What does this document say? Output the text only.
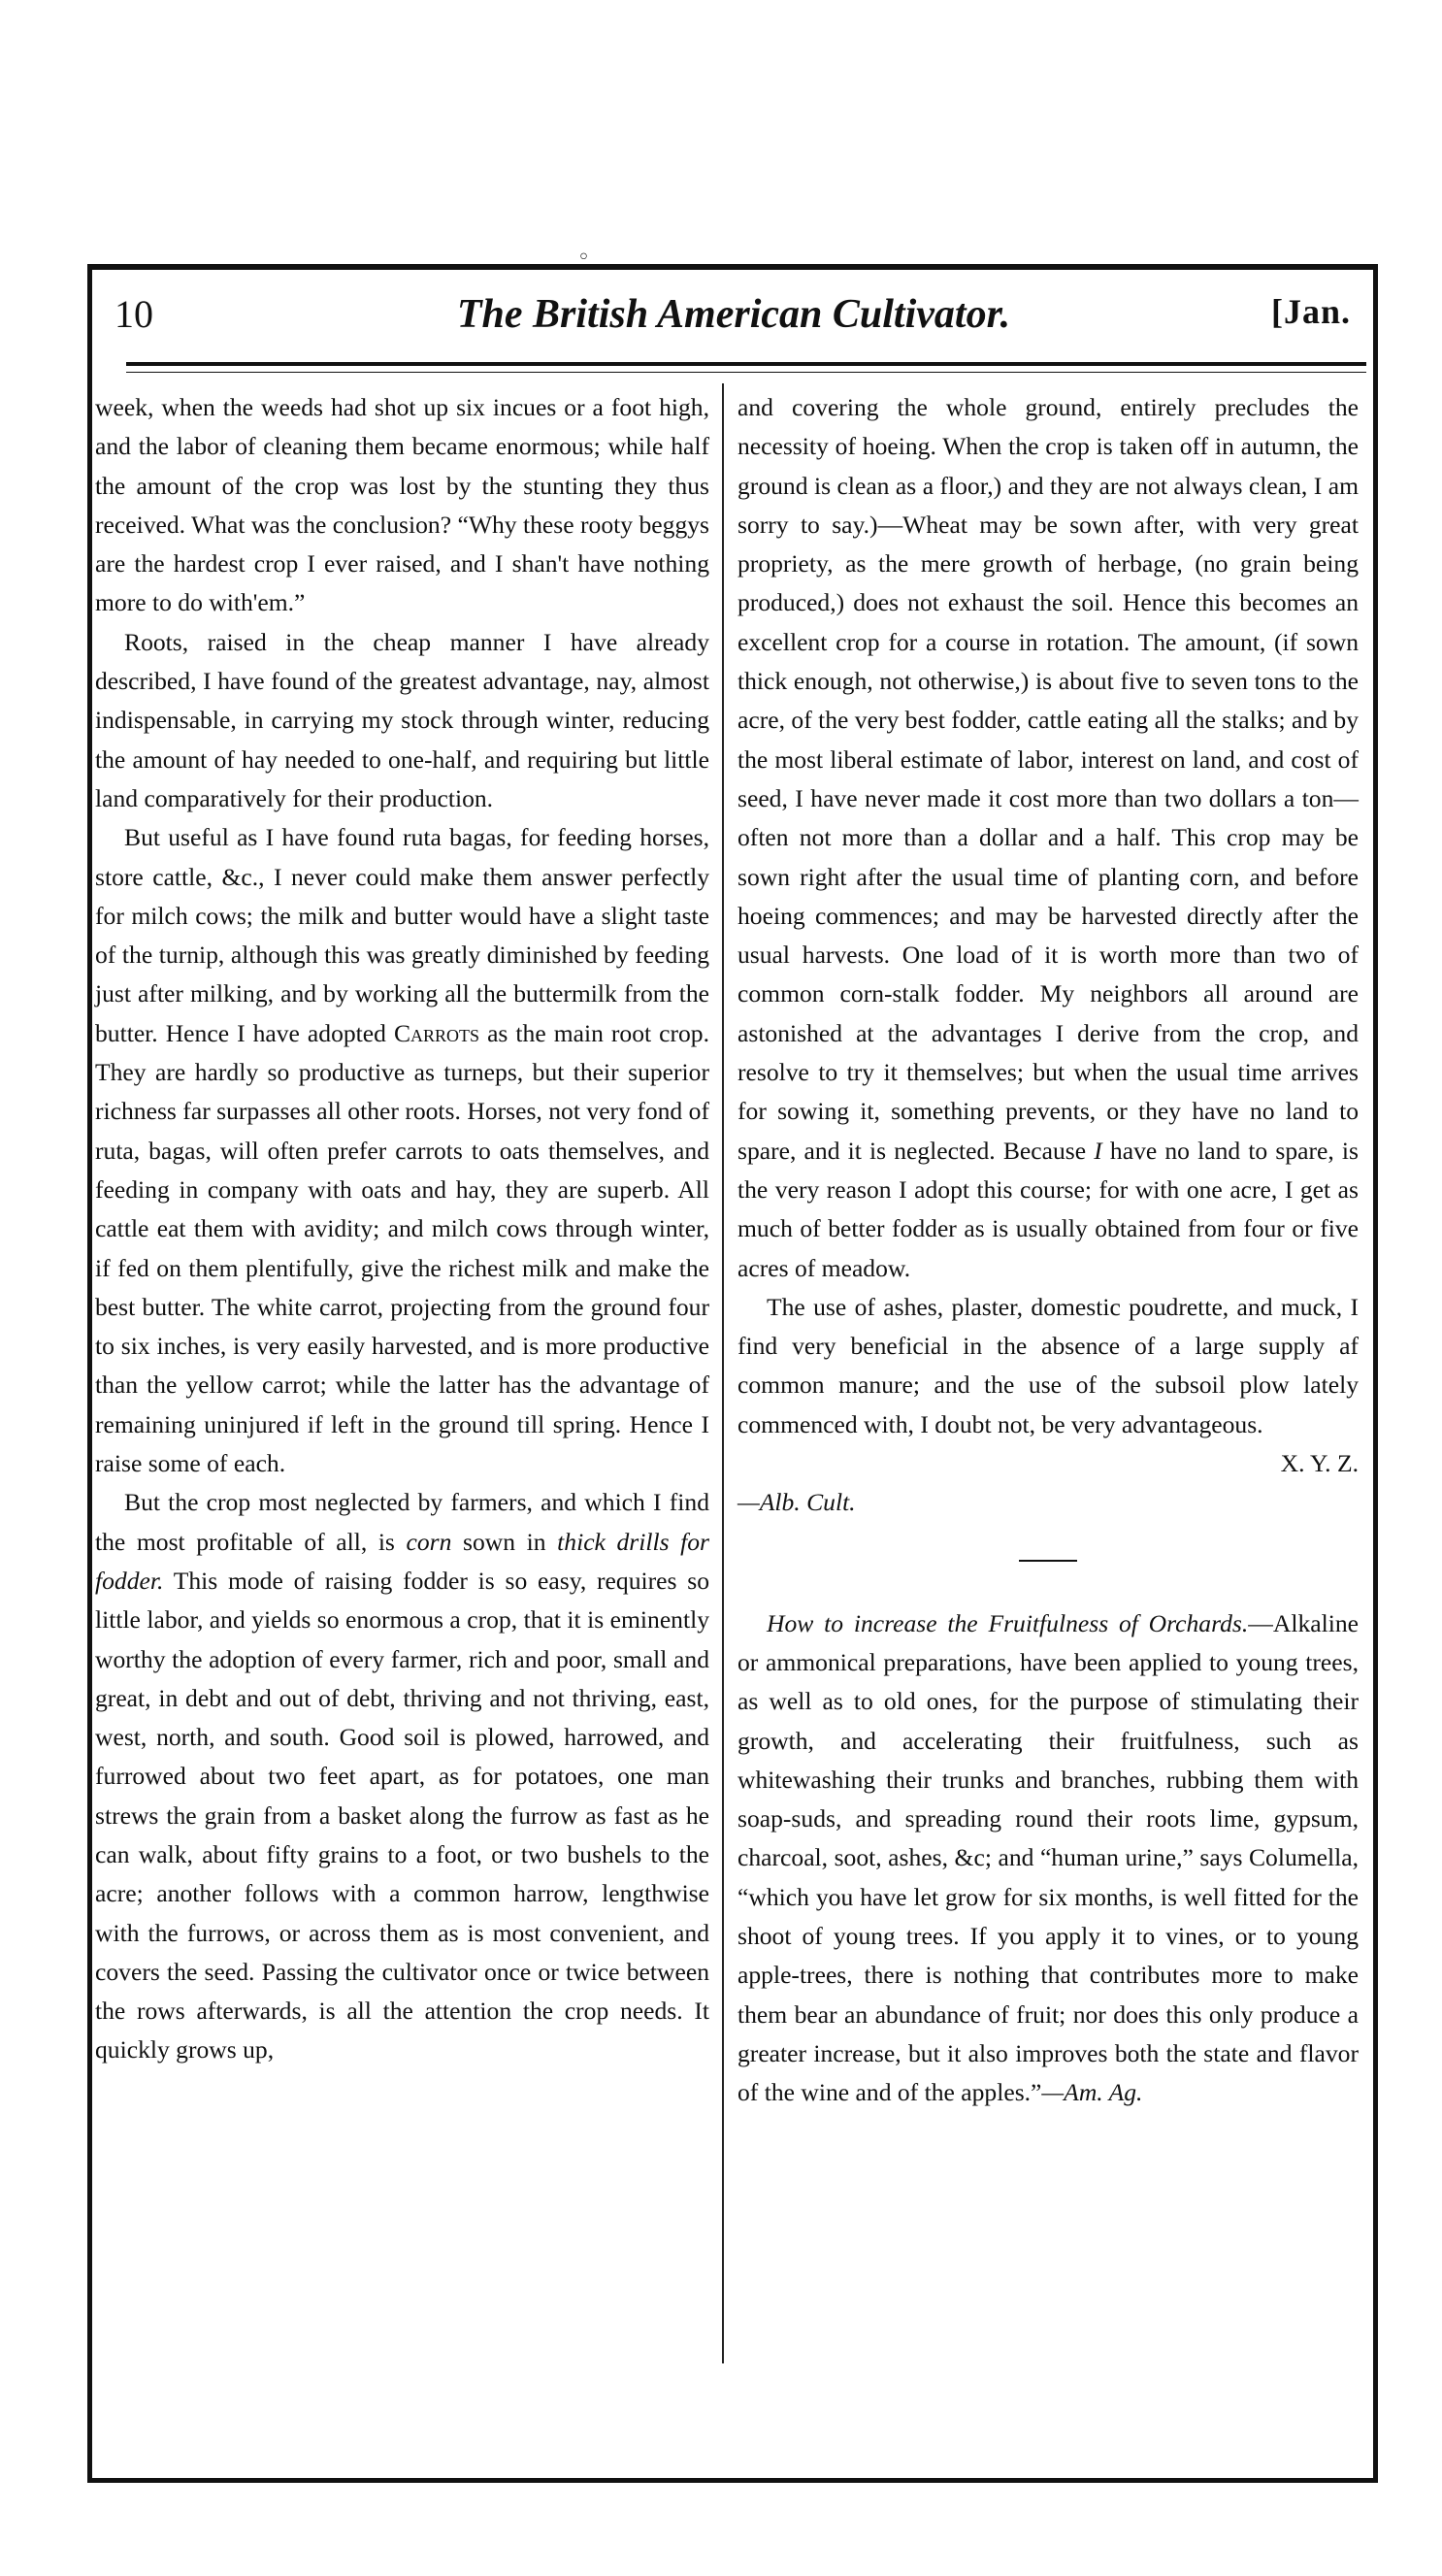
◦
10	The British American Cultivator.	[Jan.

week, when the weeds had shot up six incues or a foot high, and the labor of cleaning them became enormous; while half the amount of the crop was lost by the stunting they thus received. What was the conclusion? “Why these rooty beggys are the hardest crop I ever raised, and I shan't have nothing more to do with'em.”

Roots, raised in the cheap manner I have already described, I have found of the greatest advantage, nay, almost indispensable, in carrying my stock through winter, reducing the amount of hay needed to one-half, and requiring but little land comparatively for their production.

But useful as I have found ruta bagas, for feeding horses, store cattle, &c., I never could make them answer perfectly for milch cows; the milk and butter would have a slight taste of the turnip, although this was greatly diminished by feeding just after milking, and by working all the buttermilk from the butter. Hence I have adopted Carrots as the main root crop. They are hardly so productive as turneps, but their superior richness far surpasses all other roots. Horses, not very fond of ruta, bagas, will often prefer carrots to oats themselves, and feeding in company with oats and hay, they are superb. All cattle eat them with avidity; and milch cows through winter, if fed on them plentifully, give the richest milk and make the best butter. The white carrot, projecting from the ground four to six inches, is very easily harvested, and is more productive than the yellow carrot; while the latter has the advantage of remaining uninjured if left in the ground till spring. Hence I raise some of each.

But the crop most neglected by farmers, and which I find the most profitable of all, is corn sown in thick drills for fodder. This mode of raising fodder is so easy, requires so little labor, and yields so enormous a crop, that it is eminently worthy the adoption of every farmer, rich and poor, small and great, in debt and out of debt, thriving and not thriving, east, west, north, and south. Good soil is plowed, harrowed, and furrowed about two feet apart, as for potatoes, one man strews the grain from a basket along the furrow as fast as he can walk, about fifty grains to a foot, or two bushels to the acre; another follows with a common harrow, lengthwise with the furrows, or across them as is most convenient, and covers the seed. Passing the cultivator once or twice between the rows afterwards, is all the attention the crop needs. It quickly grows up,

and covering the whole ground, entirely precludes the necessity of hoeing. When the crop is taken off in autumn, the ground is clean as a floor,) and they are not always clean, I am sorry to say.)—Wheat may be sown after, with very great propriety, as the mere growth of herbage, (no grain being produced,) does not exhaust the soil. Hence this becomes an excellent crop for a course in rotation. The amount, (if sown thick enough, not otherwise,) is about five to seven tons to the acre, of the very best fodder, cattle eating all the stalks; and by the most liberal estimate of labor, interest on land, and cost of seed, I have never made it cost more than two dollars a ton—often not more than a dollar and a half. This crop may be sown right after the usual time of planting corn, and before hoeing commences; and may be harvested directly after the usual harvests. One load of it is worth more than two of common corn-stalk fodder. My neighbors all around are astonished at the advantages I derive from the crop, and resolve to try it themselves; but when the usual time arrives for sowing it, something prevents, or they have no land to spare, and it is neglected. Because I have no land to spare, is the very reason I adopt this course; for with one acre, I get as much of better fodder as is usually obtained from four or five acres of meadow.

The use of ashes, plaster, domestic poudrette, and muck, I find very beneficial in the absence of a large supply af common manure; and the use of the subsoil plow lately commenced with, I doubt not, be very advantageous.

X. Y. Z.
—Alb. Cult.

How to increase the Fruitfulness of Orchards.—Alkaline or ammonical preparations, have been applied to young trees, as well as to old ones, for the purpose of stimulating their growth, and accelerating their fruitfulness, such as whitewashing their trunks and branches, rubbing them with soap-suds, and spreading round their roots lime, gypsum, charcoal, soot, ashes, &c; and “human urine,” says Columella, “which you have let grow for six months, is well fitted for the shoot of young trees. If you apply it to vines, or to young apple-trees, there is nothing that contributes more to make them bear an abundance of fruit; nor does this only produce a greater increase, but it also improves both the state and flavor of the wine and of the apples.”—Am. Ag.
